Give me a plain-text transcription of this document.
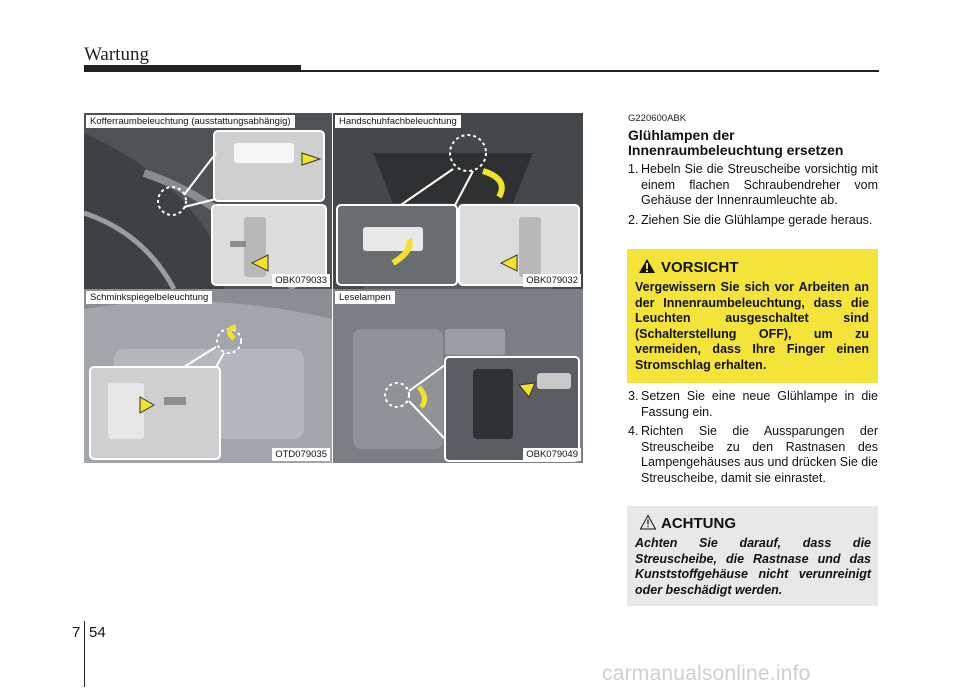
Wartung
Kofferraumbeleuchtung (ausstattungsabhängig)
OBK079033
Handschuhfachbeleuchtung
OBK079032
Schminkspiegelbeleuchtung
OTD079035
Leselampen
OBK079049
G220600ABK
Glühlampen der Innenraumbeleuchtung ersetzen
1. Hebeln Sie die Streuscheibe vorsichtig mit einem flachen Schraubendreher vom Gehäuse der Innenraumleuchte ab.
2. Ziehen Sie die Glühlampe gerade heraus.
VORSICHT
Vergewissern Sie sich vor Arbeiten an der Innenraumbeleuchtung, dass die Leuchten ausgeschaltet sind (Schalterstellung OFF), um zu vermeiden, dass Ihre Finger einen Stromschlag erhalten.
3. Setzen Sie eine neue Glühlampe in die Fassung ein.
4. Richten Sie die Aussparungen der Streuscheibe zu den Rastnasen des Lampengehäuses aus und drücken Sie die Streuscheibe, damit sie einrastet.
ACHTUNG
Achten Sie darauf, dass die Streuscheibe, die Rastnase und das Kunststoffgehäuse nicht verunreinigt oder beschädigt werden.
7 54
carmanualsonline.info
